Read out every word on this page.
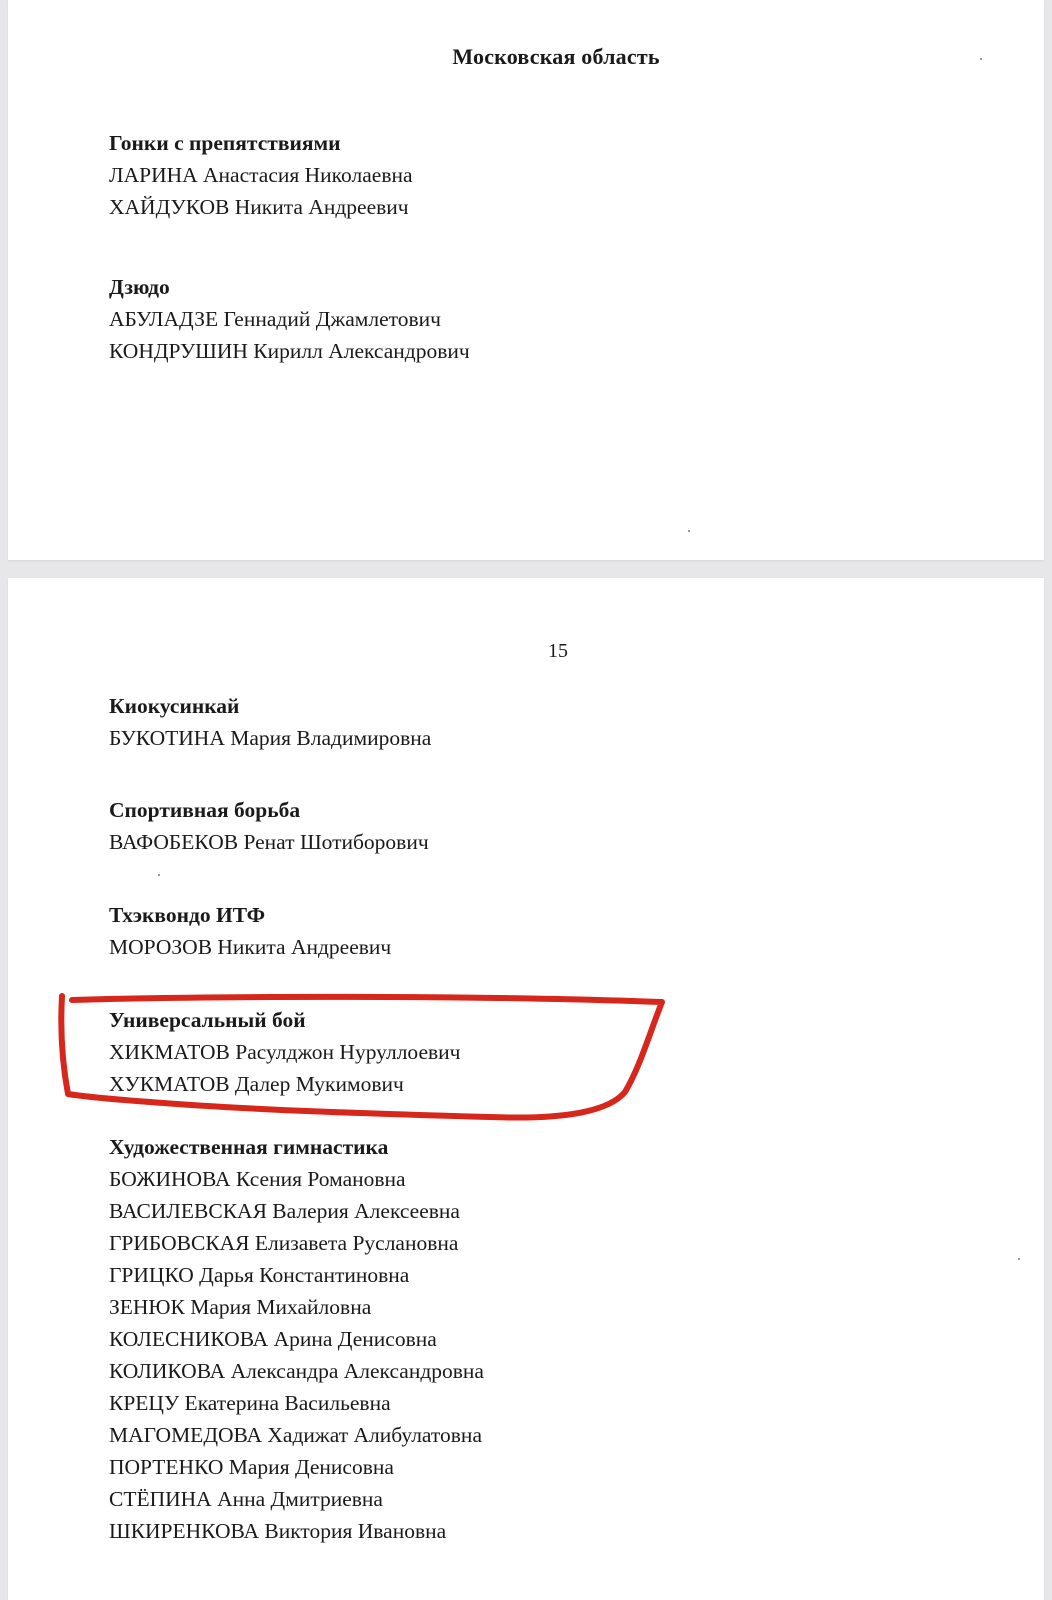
Московская область
Гонки с препятствиями
ЛАРИНА Анастасия Николаевна
ХАЙДУКОВ Никита Андреевич
Дзюдо
АБУЛАДЗЕ Геннадий Джамлетович
КОНДРУШИН Кирилл Александрович
15
Киокусинкай
БУКОТИНА Мария Владимировна
Спортивная борьба
ВАФОБЕКОВ Ренат Шотиборович
Тхэквондо ИТФ
МОРОЗОВ Никита Андреевич
Универсальный бой
ХИКМАТОВ Расулджон Нуруллоевич
ХУКМАТОВ Далер Мукимович
Художественная гимнастика
БОЖИНОВА Ксения Романовна
ВАСИЛЕВСКАЯ Валерия Алексеевна
ГРИБОВСКАЯ Елизавета Руслановна
ГРИЦКО Дарья Константиновна
ЗЕНЮК Мария Михайловна
КОЛЕСНИКОВА Арина Денисовна
КОЛИКОВА Александра Александровна
КРЕЦУ Екатерина Васильевна
МАГОМЕДОВА Хадижат Алибулатовна
ПОРТЕНКО Мария Денисовна
СТЁПИНА Анна Дмитриевна
ШКИРЕНКОВА Виктория Ивановна
